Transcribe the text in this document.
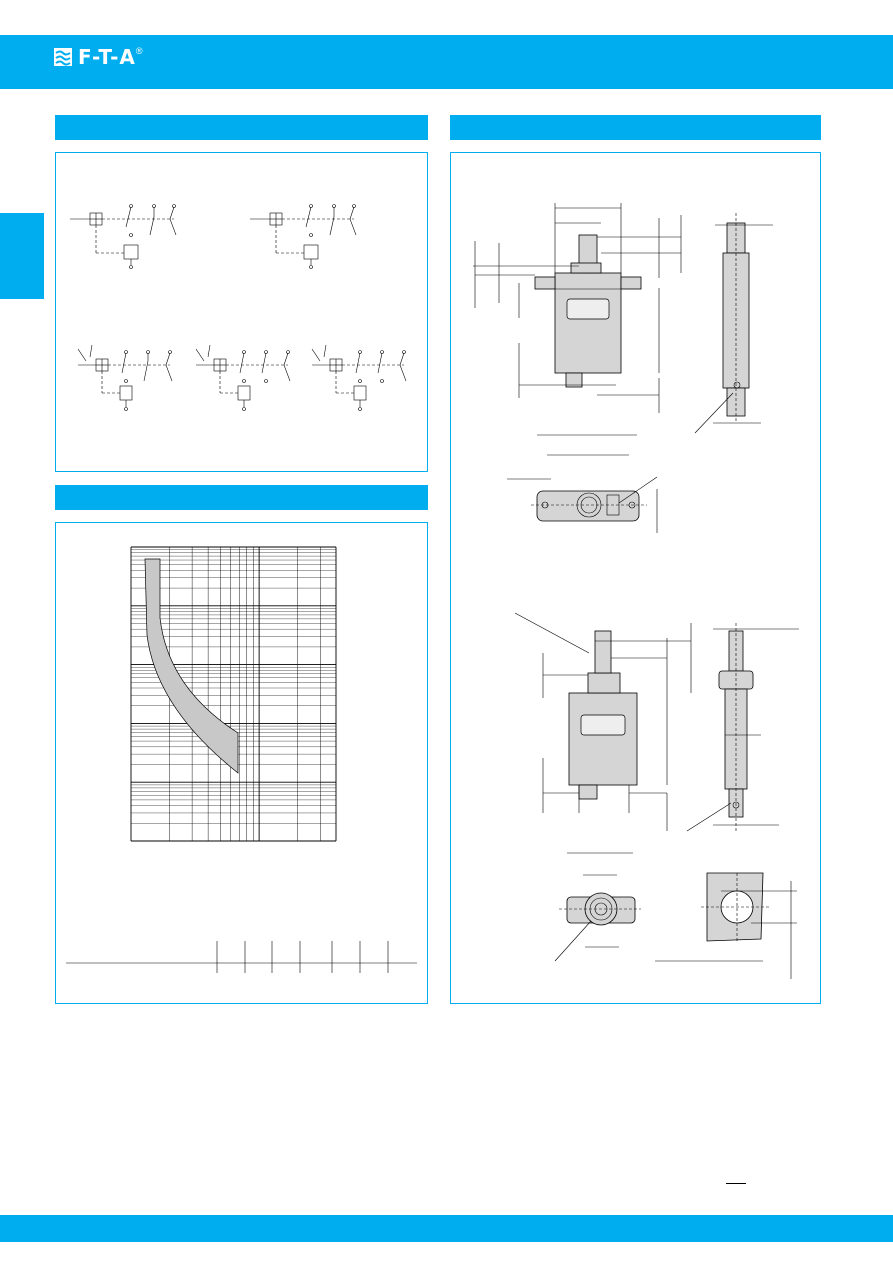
F-T-A ®
